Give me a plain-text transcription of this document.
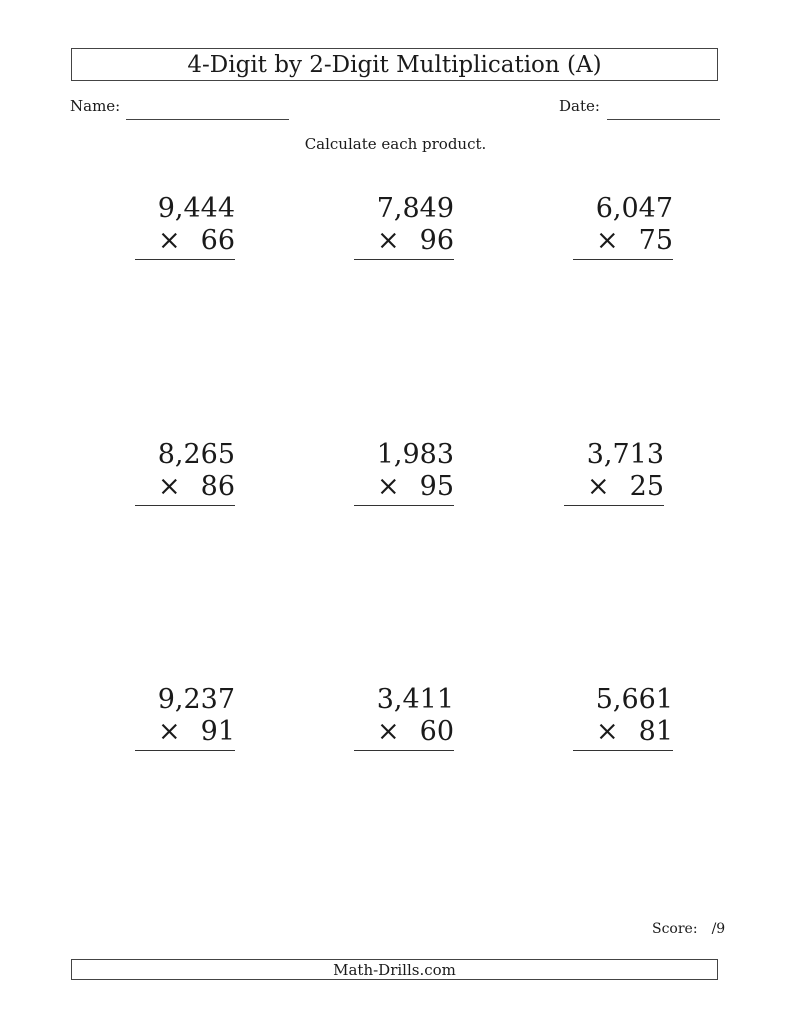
4-Digit by 2-Digit Multiplication (A)
Name:	Date:
Calculate each product.
9,444
× 66
7,849
× 96
6,047
× 75
8,265
× 86
1,983
× 95
3,713
× 25
9,237
× 91
3,411
× 60
5,661
× 81
Score: /9
Math-Drills.com
